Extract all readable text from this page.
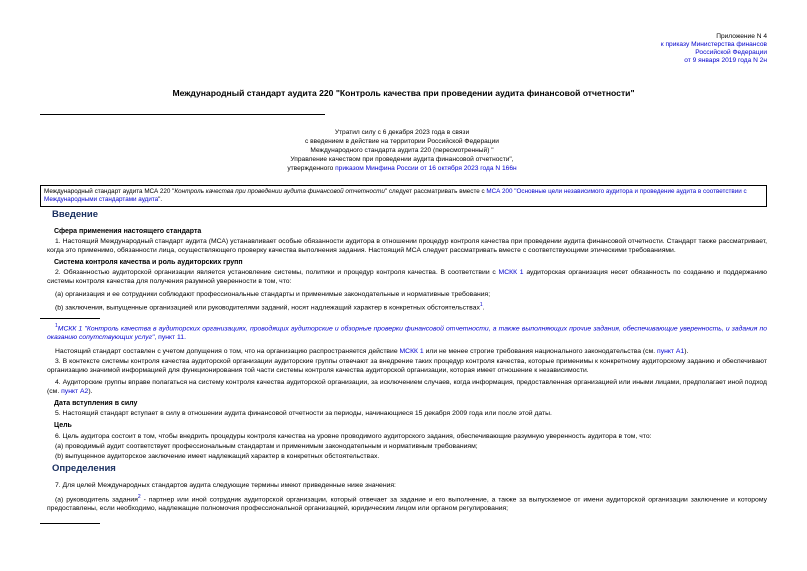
Приложение N 4
к приказу Министерства финансов
Российской Федерации
от 9 января 2019 года N 2н
Международный стандарт аудита 220 "Контроль качества при проведении аудита финансовой отчетности"
Утратил силу с 6 декабря 2023 года в связи
с введением в действие на территории Российской Федерации
Международного стандарта аудита 220 (пересмотренный) "
Управление качеством при проведении аудита финансовой отчетности",
утвержденного приказом Минфина России от 16 октября 2023 года N 166н
Международный стандарт аудита МСА 220 "Контроль качества при проведении аудита финансовой отчетности" следует рассматривать вместе с МСА 200 "Основные цели независимого аудитора и проведение аудита в соответствии с Международными стандартами аудита".
Введение
Сфера применения настоящего стандарта
1. Настоящий Международный стандарт аудита (МСА) устанавливает особые обязанности аудитора в отношении процедур контроля качества при проведении аудита финансовой отчетности. Стандарт также рассматривает, когда это применимо, обязанности лица, осуществляющего проверку качества выполнения задания. Настоящий МСА следует рассматривать вместе с соответствующими этическими требованиями.
Система контроля качества и роль аудиторских групп
2. Обязанностью аудиторской организации является установление системы, политики и процедур контроля качества. В соответствии с МСКК 1 аудиторская организация несет обязанность по созданию и поддержанию системы контроля качества для получения разумной уверенности в том, что:
(a) организация и ее сотрудники соблюдают профессиональные стандарты и применимые законодательные и нормативные требования;
(b) заключения, выпущенные организацией или руководителями заданий, носят надлежащий характер в конкретных обстоятельствах$^1$.
$^1$МСКК 1 "Контроль качества в аудиторских организациях, проводящих аудиторские и обзорные проверки финансовой отчетности, а также выполняющих прочие задания, обеспечивающие уверенность, и задания по оказанию сопутствующих услуг", пункт 11.
Настоящий стандарт составлен с учетом допущения о том, что на организацию распространяется действие МСКК 1 или не менее строгие требования национального законодательства (см. пункт А1).
3. В контексте системы контроля качества аудиторской организации аудиторские группы отвечают за внедрение таких процедур контроля качества, которые применимы к конкретному аудиторскому заданию и обеспечивают организацию значимой информацией для функционирования той части системы контроля качества аудиторской организации, которая имеет отношение к независимости.
4. Аудиторские группы вправе полагаться на систему контроля качества аудиторской организации, за исключением случаев, когда информация, предоставленная организацией или иными лицами, предполагает иной подход (см. пункт А2).
Дата вступления в силу
5. Настоящий стандарт вступает в силу в отношении аудита финансовой отчетности за периоды, начинающиеся 15 декабря 2009 года или после этой даты.
Цель
6. Цель аудитора состоит в том, чтобы внедрить процедуры контроля качества на уровне проводимого аудиторского задания, обеспечивающие разумную уверенность аудитора в том, что:
(a) проводимый аудит соответствует профессиональным стандартам и применимым законодательным и нормативным требованиям;
(b) выпущенное аудиторское заключение имеет надлежащий характер в конкретных обстоятельствах.
Определения
7. Для целей Международных стандартов аудита следующие термины имеют приведенные ниже значения:
(a) руководитель задания$^2$ - партнер или иной сотрудник аудиторской организации, который отвечает за задание и его выполнение, а также за выпускаемое от имени аудиторской организации заключение и которому предоставлены, если необходимо, надлежащие полномочия профессиональной организацией, юридическим лицом или органом регулирования;
